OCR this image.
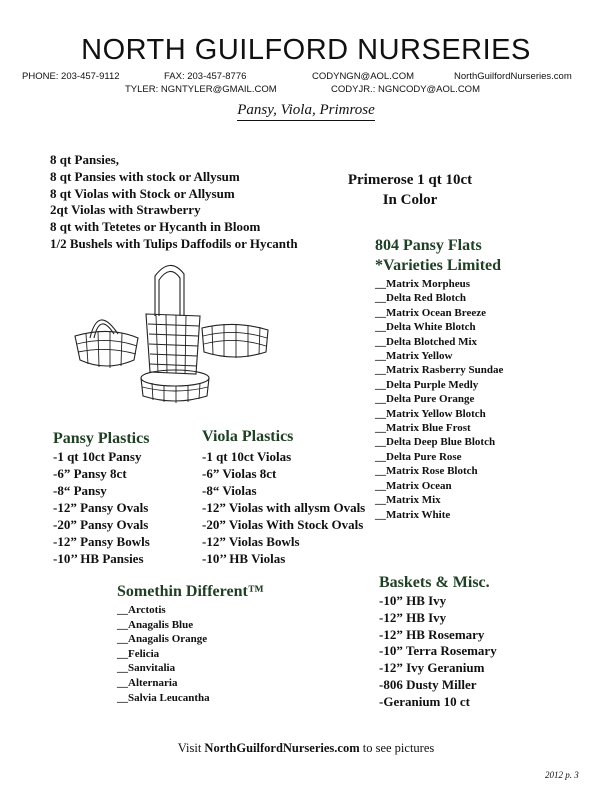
NORTH GUILFORD NURSERIES
PHONE: 203-457-9112	FAX: 203-457-8776	CODYNGN@AOL.COM	NorthGuilfordNurseries.com
TYLER: NGNTYLER@GMAIL.COM	CODYJR.: NGNCODY@AOL.COM
Pansy, Viola, Primrose
8 qt Pansies,
8 qt Pansies with stock or Allysum
8 qt Violas with Stock or Allysum
2qt Violas with Strawberry
8 qt with Tetetes or Hycanth in Bloom
1/2 Bushels with Tulips Daffodils or Hycanth
Primerose 1 qt 10ct
In Color
804 Pansy Flats
*Varieties Limited
__Matrix Morpheus
__Delta Red Blotch
__Matrix Ocean Breeze
__Delta White Blotch
__Delta Blotched Mix
__Matrix Yellow
__Matrix Rasberry Sundae
__Delta Purple Medly
__Delta Pure Orange
__Matrix Yellow Blotch
__Matrix Blue Frost
__Delta Deep Blue Blotch
__Delta Pure Rose
__Matrix Rose Blotch
__Matrix Ocean
__Matrix Mix
__Matrix White
Pansy Plastics
-1 qt 10ct Pansy
-6” Pansy 8ct
-8“ Pansy
-12” Pansy Ovals
-20” Pansy Ovals
-12” Pansy Bowls
-10’’ HB Pansies
Viola Plastics
-1 qt 10ct Violas
-6” Violas 8ct
-8“ Violas
-12” Violas with allysm Ovals
-20” Violas With Stock Ovals
-12” Violas Bowls
-10’’ HB Violas
Somethin Different™
__Arctotis
__Anagalis Blue
__Anagalis Orange
__Felicia
__Sanvitalia
__Alternaria
__Salvia Leucantha
Baskets & Misc.
-10” HB Ivy
-12” HB Ivy
-12” HB Rosemary
-10” Terra Rosemary
-12” Ivy Geranium
-806 Dusty Miller
-Geranium 10 ct
Visit NorthGuilfordNurseries.com to see pictures
2012 p. 3
